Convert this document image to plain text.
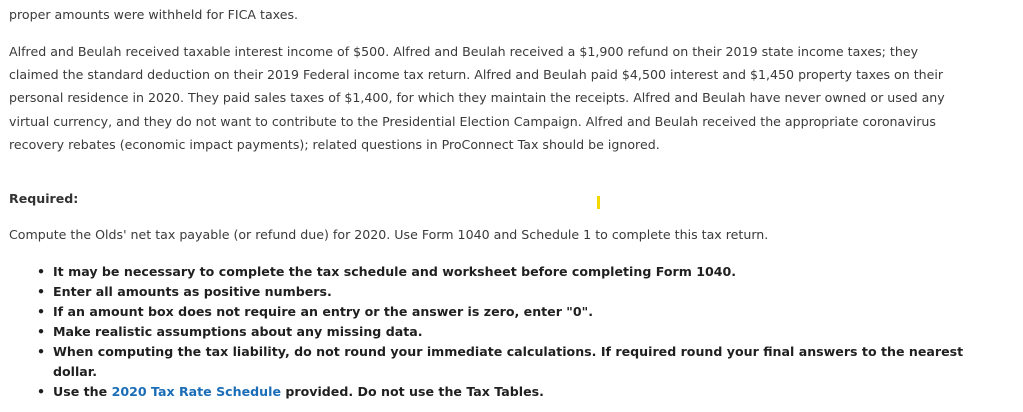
proper amounts were withheld for FICA taxes.

Alfred and Beulah received taxable interest income of $500. Alfred and Beulah received a $1,900 refund on their 2019 state income taxes; they claimed the standard deduction on their 2019 Federal income tax return. Alfred and Beulah paid $4,500 interest and $1,450 property taxes on their personal residence in 2020. They paid sales taxes of $1,400, for which they maintain the receipts. Alfred and Beulah have never owned or used any virtual currency, and they do not want to contribute to the Presidential Election Campaign. Alfred and Beulah received the appropriate coronavirus recovery rebates (economic impact payments); related questions in ProConnect Tax should be ignored.

Required:

Compute the Olds' net tax payable (or refund due) for 2020. Use Form 1040 and Schedule 1 to complete this tax return.

• It may be necessary to complete the tax schedule and worksheet before completing Form 1040.
• Enter all amounts as positive numbers.
• If an amount box does not require an entry or the answer is zero, enter "0".
• Make realistic assumptions about any missing data.
• When computing the tax liability, do not round your immediate calculations. If required round your final answers to the nearest dollar.
• Use the 2020 Tax Rate Schedule provided. Do not use the Tax Tables.
